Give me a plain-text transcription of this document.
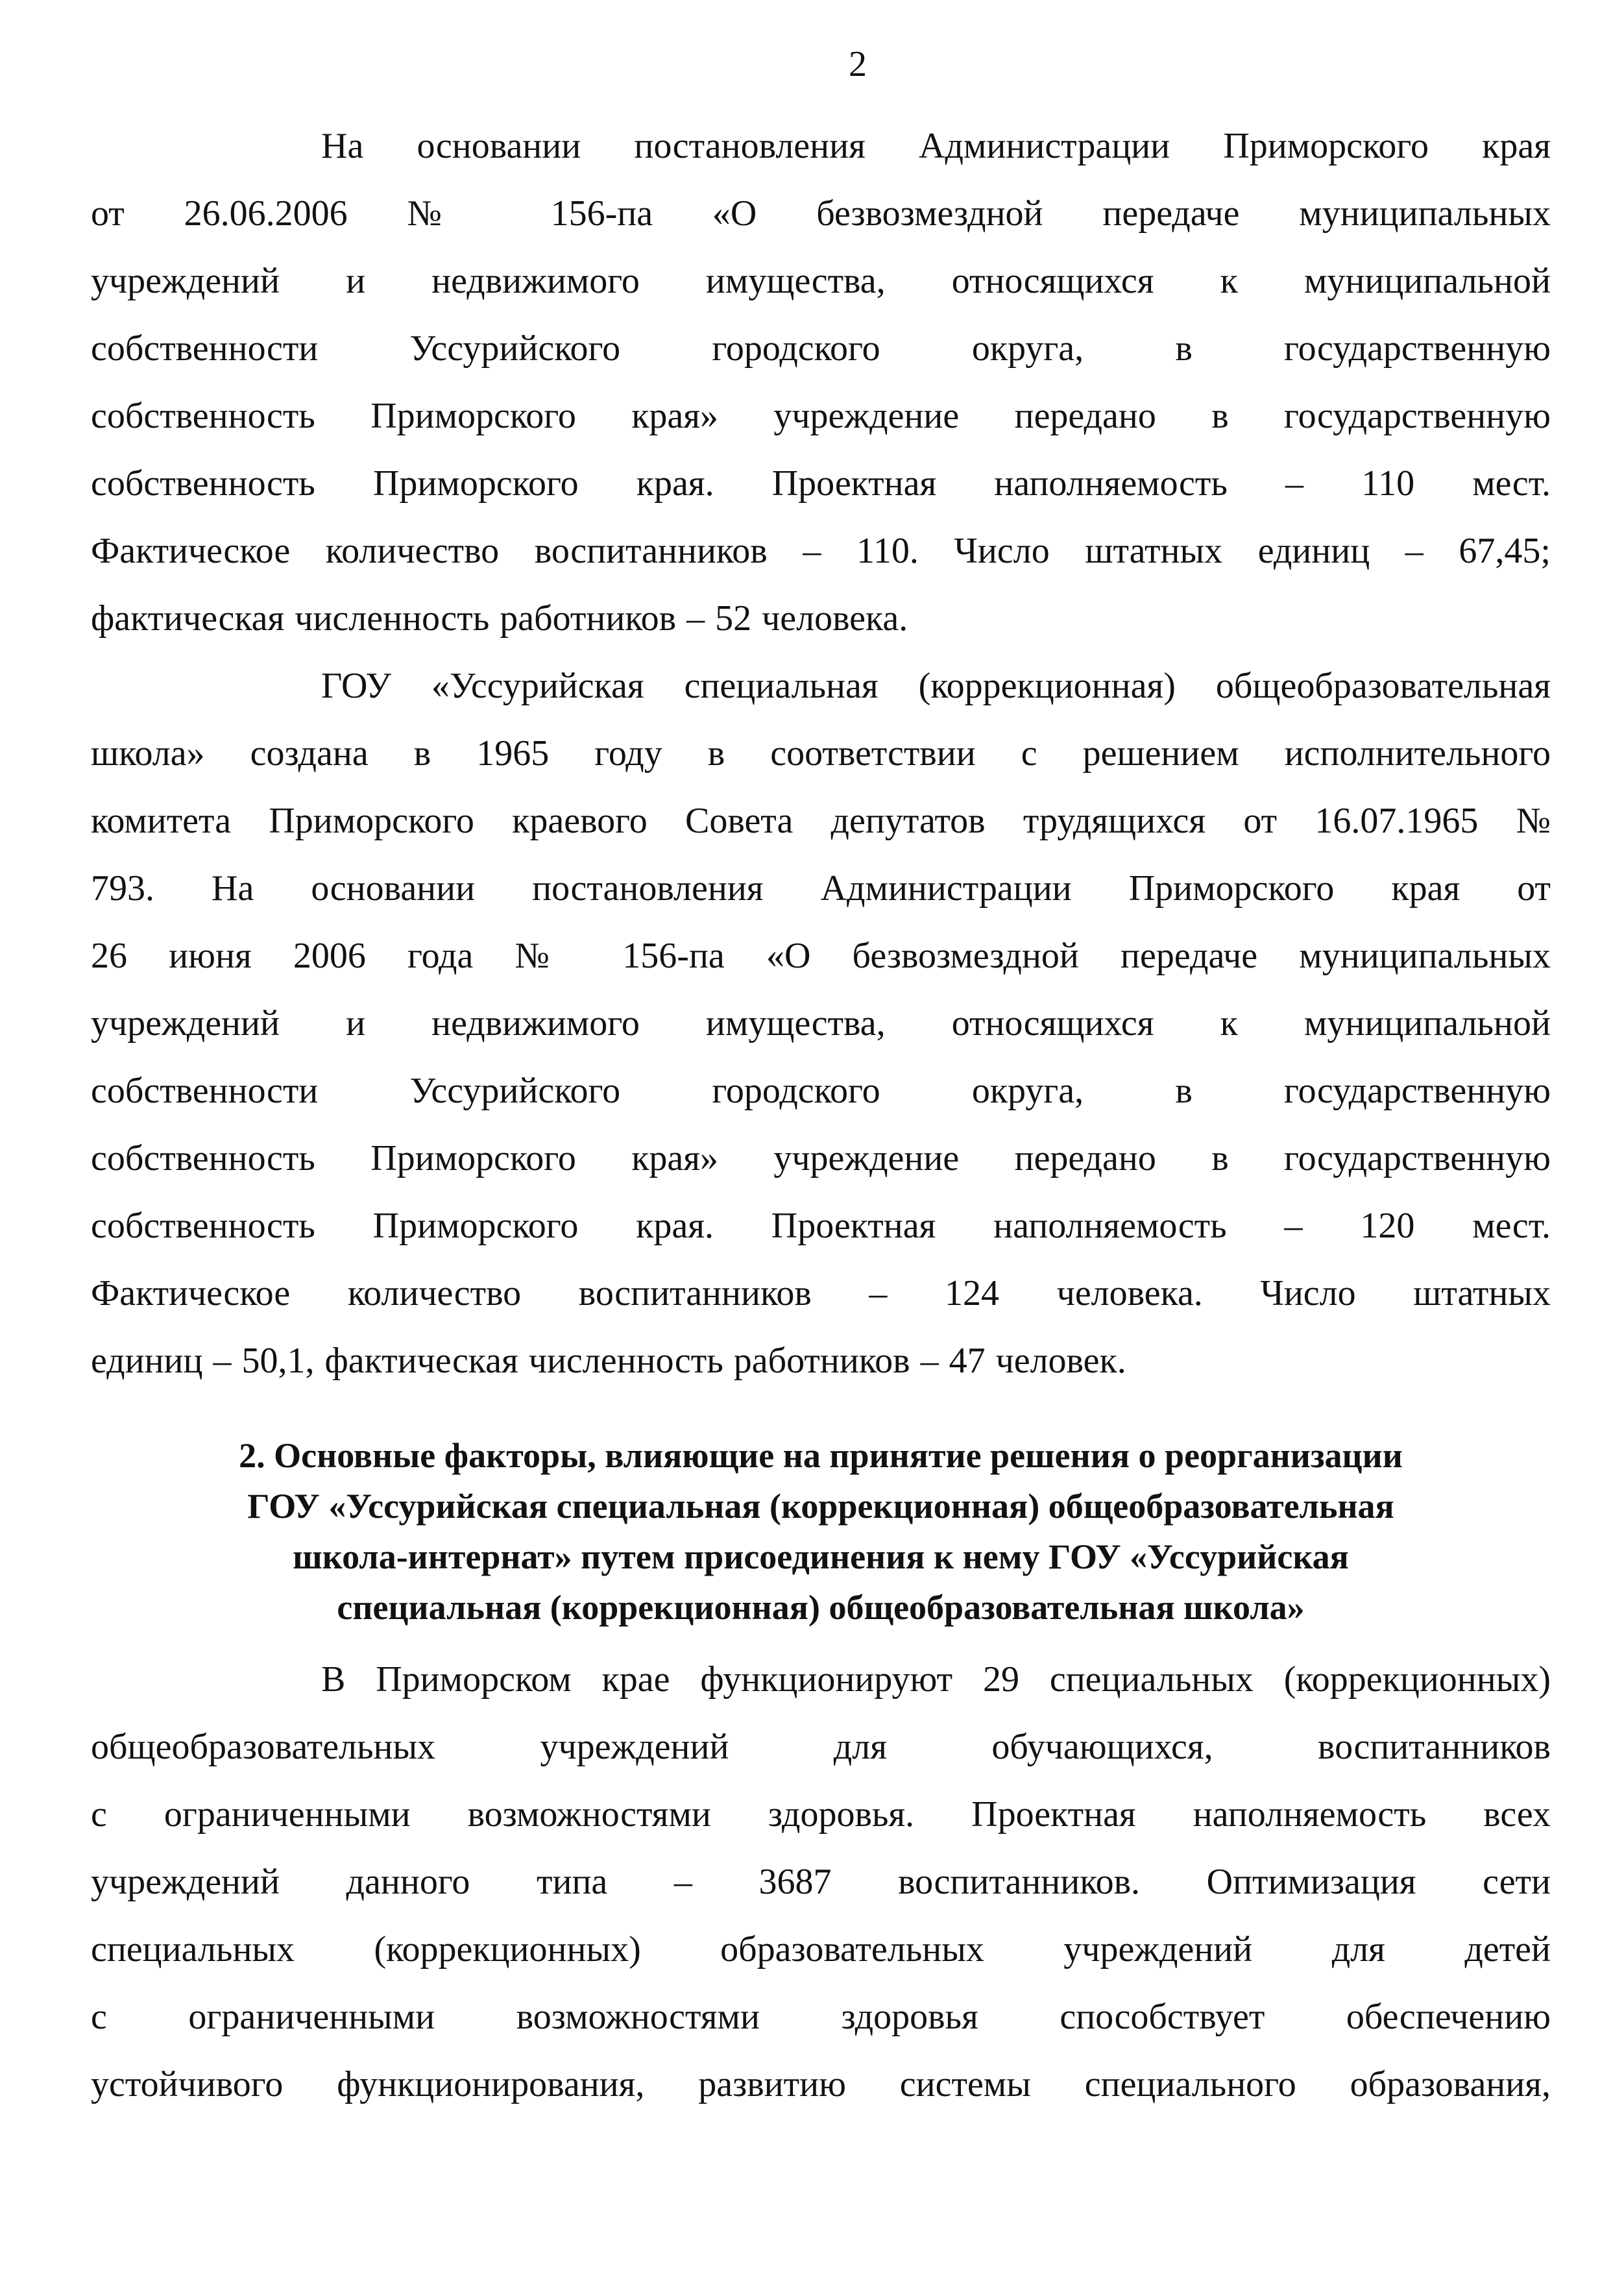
2
На основании постановления Администрации Приморского края
от 26.06.2006 № 156-па «О безвозмездной передаче муниципальных
учреждений и недвижимого имущества, относящихся к муниципальной
собственности Уссурийского городского округа, в государственную
собственность Приморского края» учреждение передано в государственную
собственность Приморского края. Проектная наполняемость – 110 мест.
Фактическое количество воспитанников – 110. Число штатных единиц – 67,45;
фактическая численность работников – 52 человека.
ГОУ «Уссурийская специальная (коррекционная) общеобразовательная
школа» создана в 1965 году в соответствии с решением исполнительного
комитета Приморского краевого Совета депутатов трудящихся от 16.07.1965 №
793. На основании постановления Администрации Приморского края от
26 июня 2006 года № 156-па «О безвозмездной передаче муниципальных
учреждений и недвижимого имущества, относящихся к муниципальной
собственности Уссурийского городского округа, в государственную
собственность Приморского края» учреждение передано в государственную
собственность Приморского края. Проектная наполняемость – 120 мест.
Фактическое количество воспитанников – 124 человека. Число штатных
единиц – 50,1, фактическая численность работников – 47 человек.
2. Основные факторы, влияющие на принятие решения о реорганизации
ГОУ «Уссурийская специальная (коррекционная) общеобразовательная
школа-интернат» путем присоединения к нему ГОУ «Уссурийская
специальная (коррекционная) общеобразовательная школа»
В Приморском крае функционируют 29 специальных (коррекционных)
общеобразовательных учреждений для обучающихся, воспитанников
с ограниченными возможностями здоровья. Проектная наполняемость всех
учреждений данного типа – 3687 воспитанников. Оптимизация сети
специальных (коррекционных) образовательных учреждений для детей
с ограниченными возможностями здоровья способствует обеспечению
устойчивого функционирования, развитию системы специального образования,
